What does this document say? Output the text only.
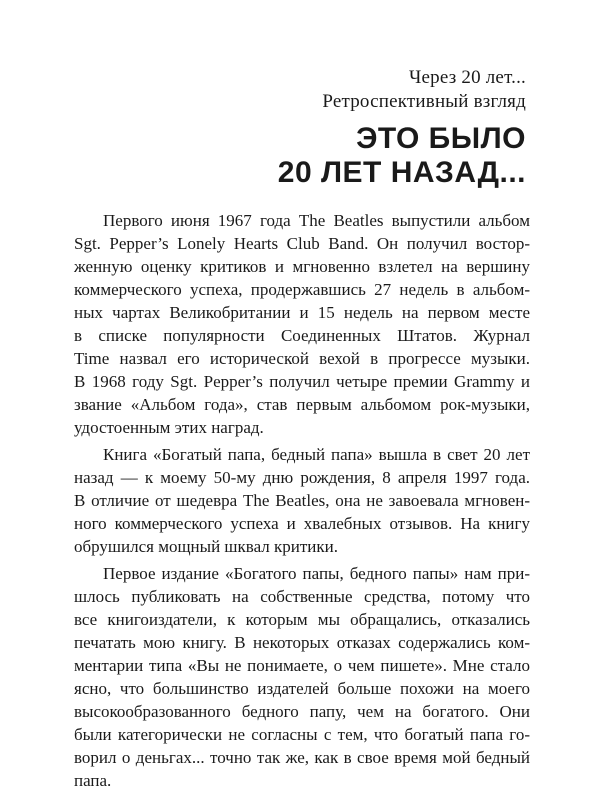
Через 20 лет...
Ретроспективный взгляд
ЭТО БЫЛО
20 ЛЕТ НАЗАД...
Первого июня 1967 года The Beatles выпустили альбом
Sgt. Pepper’s Lonely Hearts Club Band. Он получил востор-
женную оценку критиков и мгновенно взлетел на вершину
коммерческого успеха, продержавшись 27 недель в альбом-
ных чартах Великобритании и 15 недель на первом месте
в списке популярности Соединенных Штатов. Журнал
Time назвал его исторической вехой в прогрессе музыки.
В 1968 году Sgt. Pepper’s получил четыре премии Grammy и
звание «Альбом года», став первым альбомом рок-музыки,
удостоенным этих наград.
Книга «Богатый папа, бедный папа» вышла в свет 20 лет
назад — к моему 50-му дню рождения, 8 апреля 1997 года.
В отличие от шедевра The Beatles, она не завоевала мгновен-
ного коммерческого успеха и хвалебных отзывов. На книгу
обрушился мощный шквал критики.
Первое издание «Богатого папы, бедного папы» нам при-
шлось публиковать на собственные средства, потому что
все книгоиздатели, к которым мы обращались, отказались
печатать мою книгу. В некоторых отказах содержались ком-
ментарии типа «Вы не понимаете, о чем пишете». Мне стало
ясно, что большинство издателей больше похожи на моего
высокообразованного бедного папу, чем на богатого. Они
были категорически не согласны с тем, что богатый папа го-
ворил о деньгах... точно так же, как в свое время мой бедный
папа.
